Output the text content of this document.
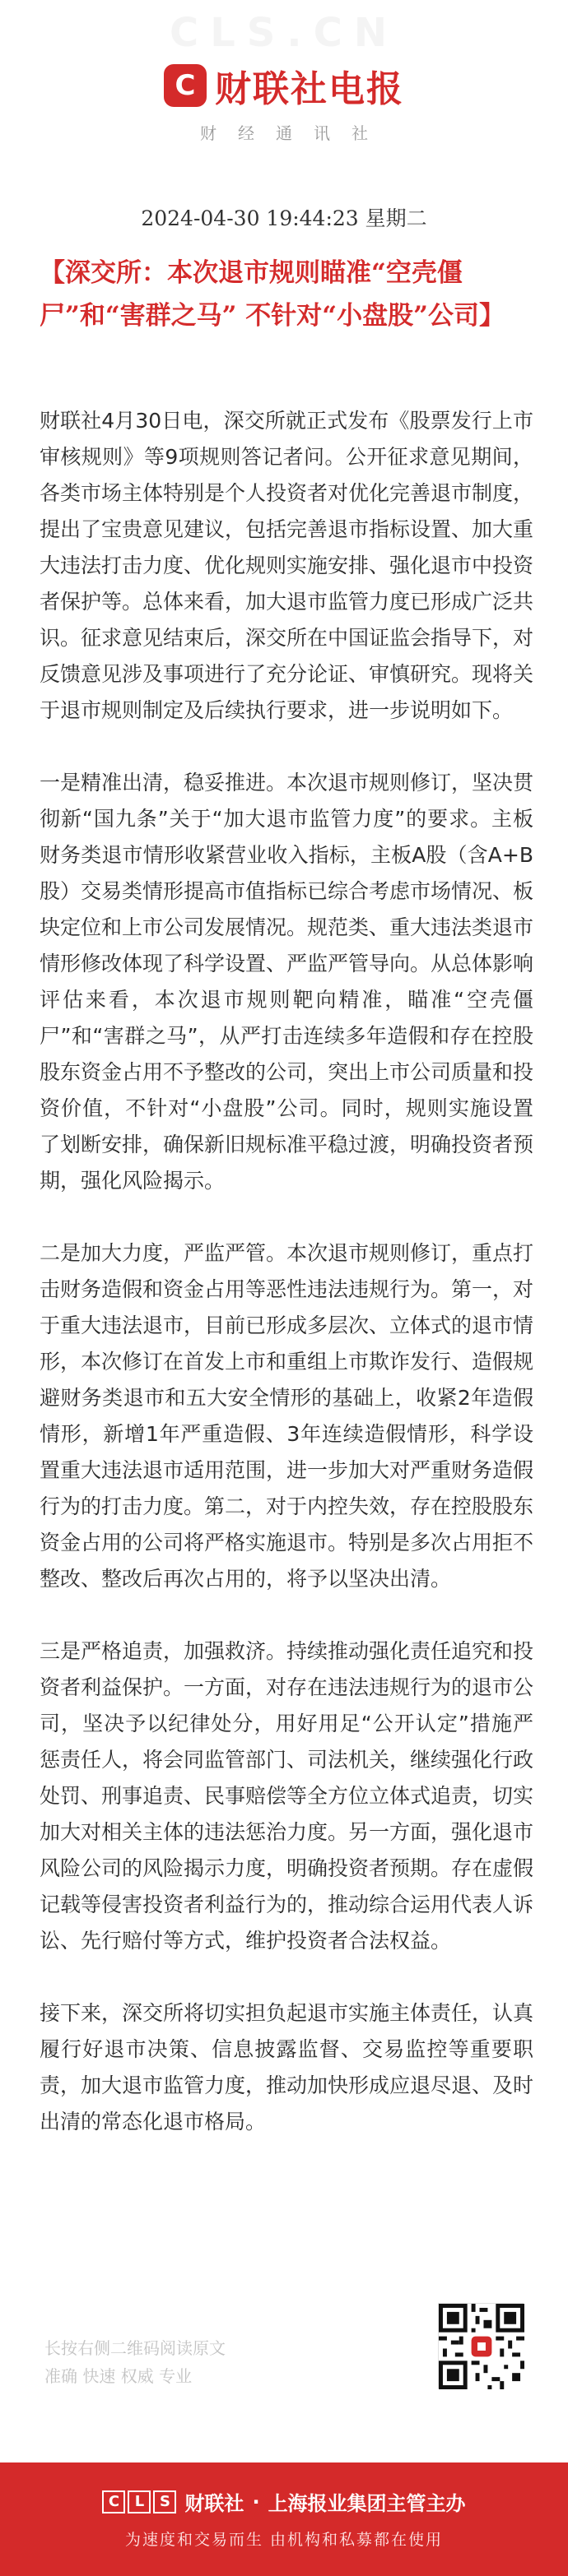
CLS.CN
C 财联社电报
财经通讯社
2024-04-30 19:44:23 星期二
【深交所：本次退市规则瞄准“空壳僵尸”和“害群之马” 不针对“小盘股”公司】

财联社4月30日电，深交所就正式发布《股票发行上市审核规则》等9项规则答记者问。公开征求意见期间，各类市场主体特别是个人投资者对优化完善退市制度，提出了宝贵意见建议，包括完善退市指标设置、加大重大违法打击力度、优化规则实施安排、强化退市中投资者保护等。总体来看，加大退市监管力度已形成广泛共识。征求意见结束后，深交所在中国证监会指导下，对反馈意见涉及事项进行了充分论证、审慎研究。现将关于退市规则制定及后续执行要求，进一步说明如下。

一是精准出清，稳妥推进。本次退市规则修订，坚决贯彻新“国九条”关于“加大退市监管力度”的要求。主板财务类退市情形收紧营业收入指标，主板A股（含A+B股）交易类情形提高市值指标已综合考虑市场情况、板块定位和上市公司发展情况。规范类、重大违法类退市情形修改体现了科学设置、严监严管导向。从总体影响评估来看，本次退市规则靶向精准，瞄准“空壳僵尸”和“害群之马”，从严打击连续多年造假和存在控股股东资金占用不予整改的公司，突出上市公司质量和投资价值，不针对“小盘股”公司。同时，规则实施设置了划断安排，确保新旧规标准平稳过渡，明确投资者预期，强化风险揭示。

二是加大力度，严监严管。本次退市规则修订，重点打击财务造假和资金占用等恶性违法违规行为。第一，对于重大违法退市，目前已形成多层次、立体式的退市情形，本次修订在首发上市和重组上市欺诈发行、造假规避财务类退市和五大安全情形的基础上，收紧2年造假情形，新增1年严重造假、3年连续造假情形，科学设置重大违法退市适用范围，进一步加大对严重财务造假行为的打击力度。第二，对于内控失效，存在控股股东资金占用的公司将严格实施退市。特别是多次占用拒不整改、整改后再次占用的，将予以坚决出清。

三是严格追责，加强救济。持续推动强化责任追究和投资者利益保护。一方面，对存在违法违规行为的退市公司，坚决予以纪律处分，用好用足“公开认定”措施严惩责任人，将会同监管部门、司法机关，继续强化行政处罚、刑事追责、民事赔偿等全方位立体式追责，切实加大对相关主体的违法惩治力度。另一方面，强化退市风险公司的风险揭示力度，明确投资者预期。存在虚假记载等侵害投资者利益行为的，推动综合运用代表人诉讼、先行赔付等方式，维护投资者合法权益。

接下来，深交所将切实担负起退市实施主体责任，认真履行好退市决策、信息披露监督、交易监控等重要职责，加大退市监管力度，推动加快形成应退尽退、及时出清的常态化退市格局。

长按右侧二维码阅读原文
准确 快速 权威 专业
C	L	S 财联社 · 上海报业集团主管主办
为速度和交易而生 由机构和私募都在使用
